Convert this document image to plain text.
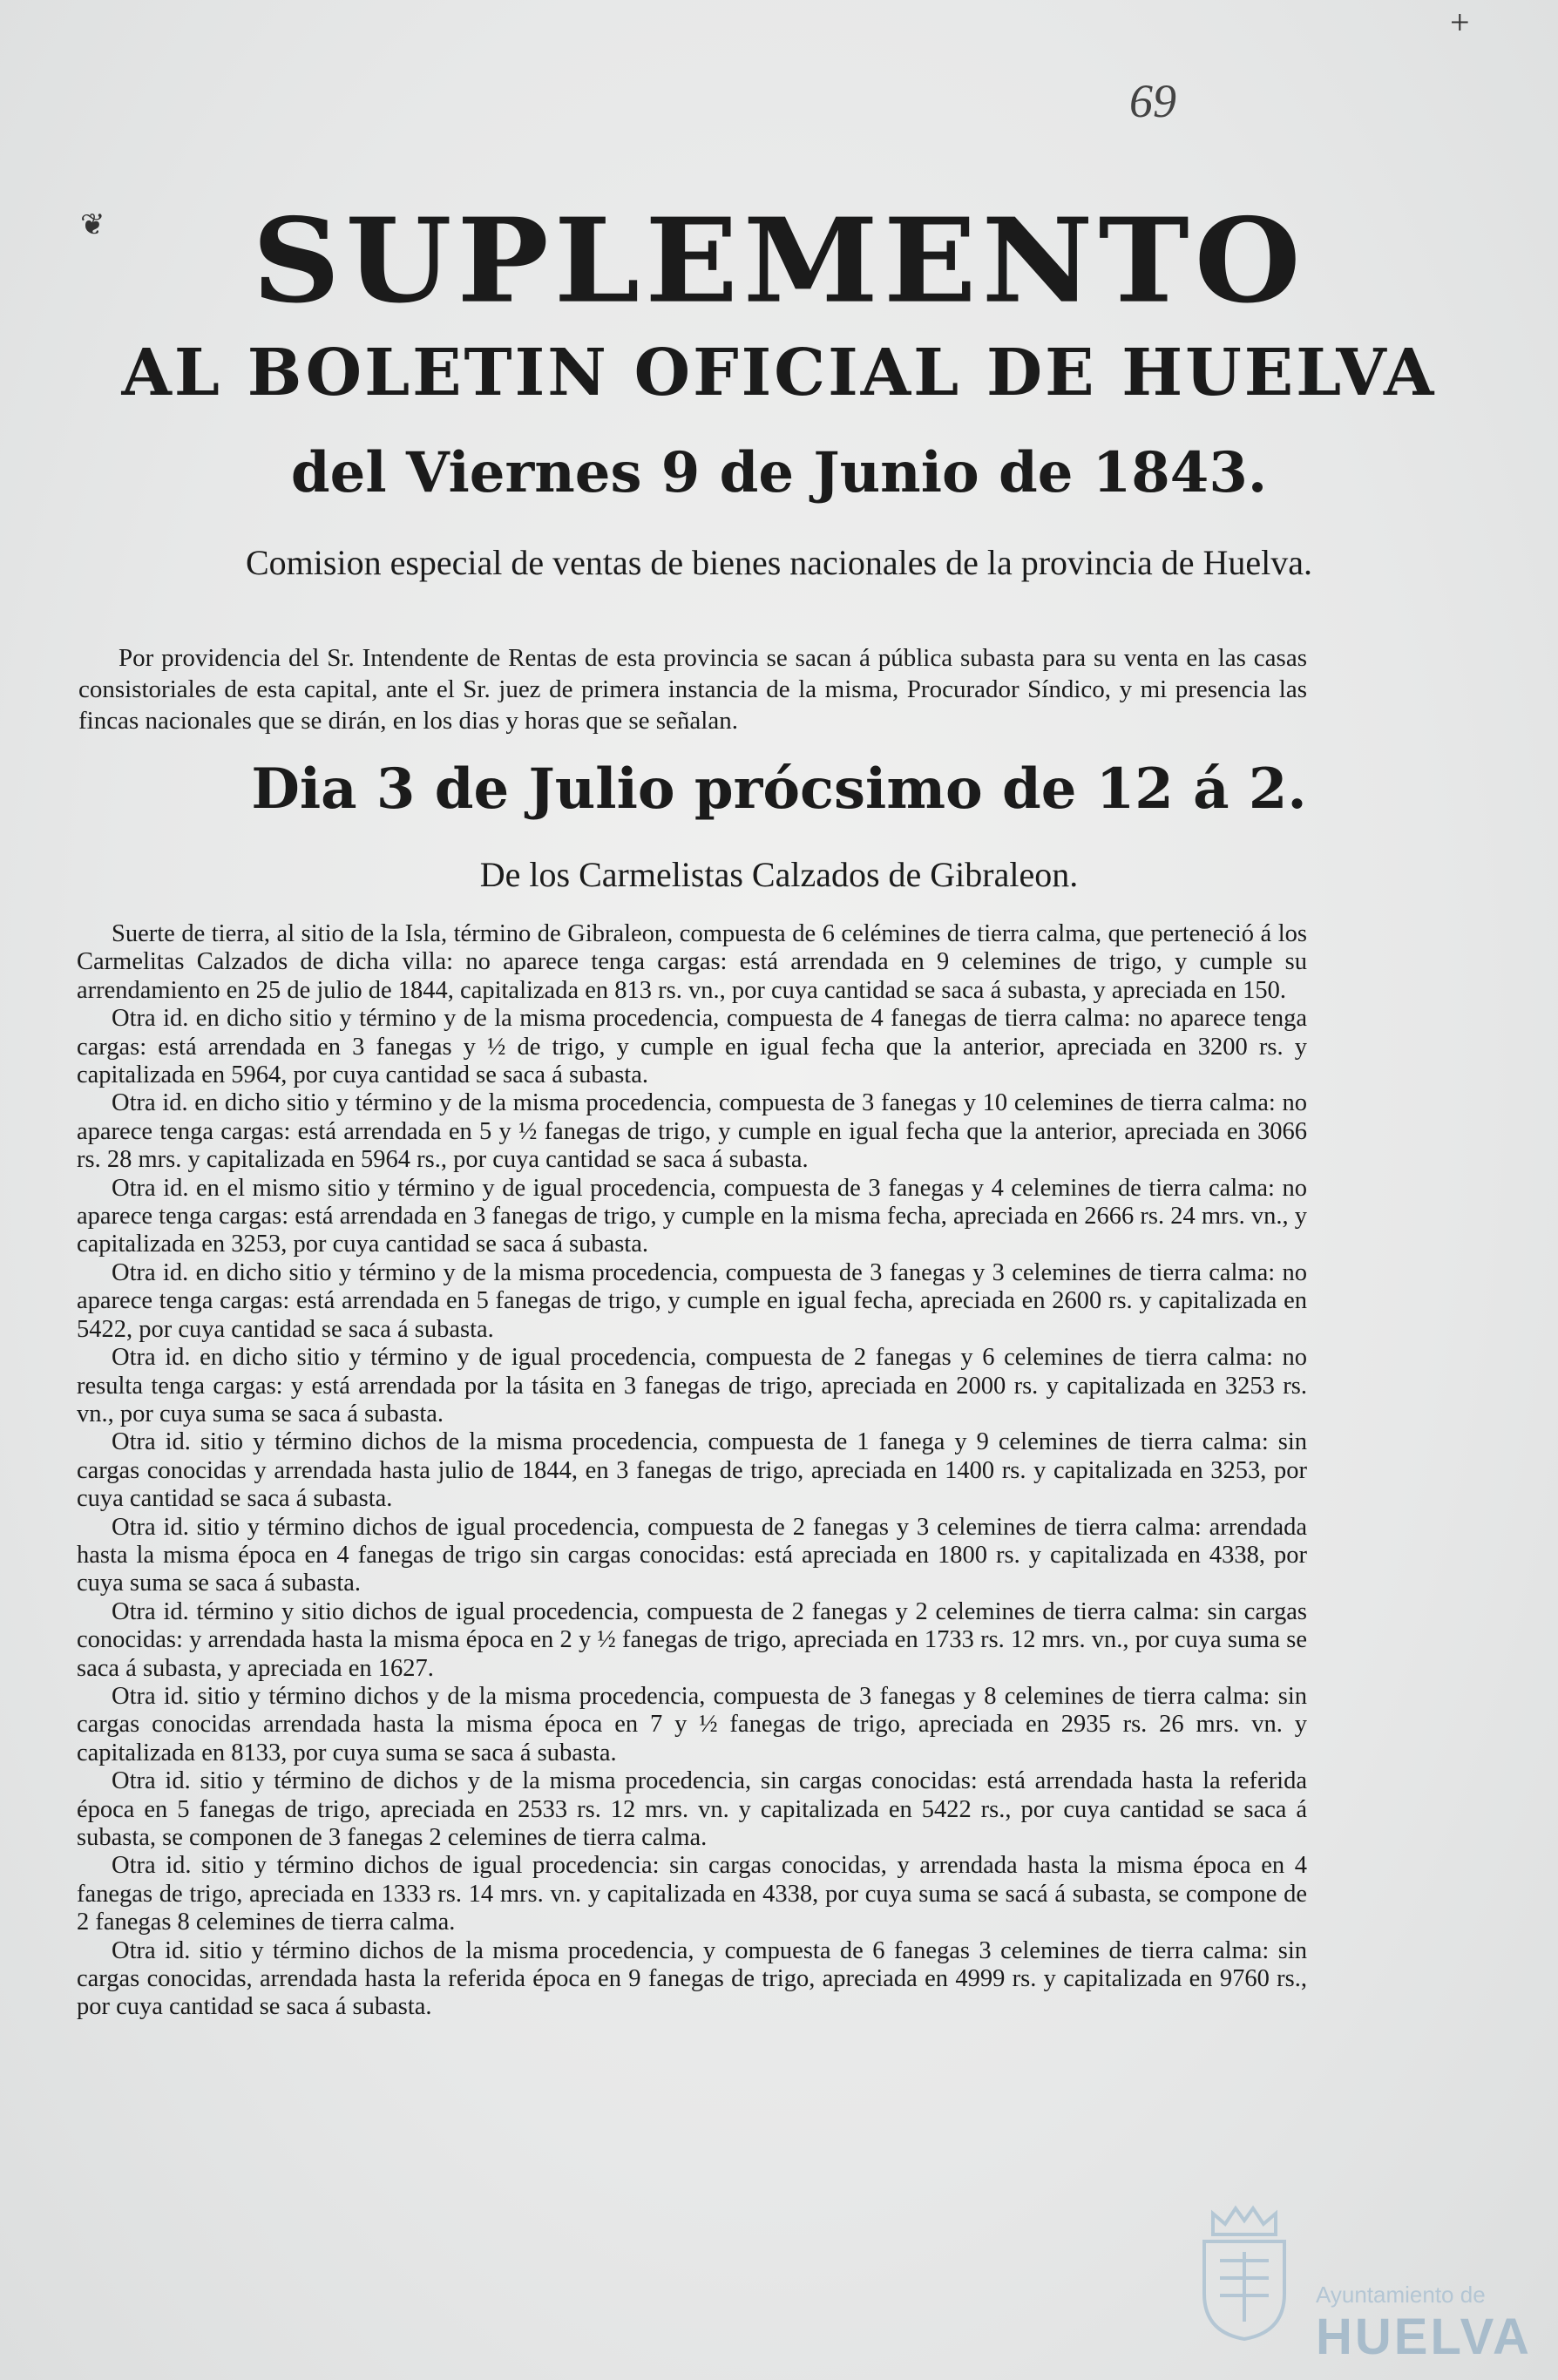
+
69
❦	SUPLEMENTO
AL BOLETIN OFICIAL DE HUELVA
del Viernes 9 de Junio de 1843.
Comision especial de ventas de bienes nacionales de la provincia de Huelva.

Por providencia del Sr. Intendente de Rentas de esta provincia se sacan á pública subasta para su venta en las casas consistoriales de esta capital, ante el Sr. juez de primera instancia de la misma, Procurador Síndico, y mi presencia las fincas nacionales que se dirán, en los dias y horas que se señalan.

Dia 3 de Julio prócsimo de 12 á 2.
De los Carmelistas Calzados de Gibraleon.

Suerte de tierra, al sitio de la Isla, término de Gibraleon, compuesta de 6 celémines de tierra calma, que perteneció á los Carmelitas Calzados de dicha villa: no aparece tenga cargas: está arrendada en 9 celemines de trigo, y cumple su arrendamiento en 25 de julio de 1844, capitalizada en 813 rs. vn., por cuya cantidad se saca á subasta, y apreciada en 150.

Otra id. en dicho sitio y término y de la misma procedencia, compuesta de 4 fanegas de tierra calma: no aparece tenga cargas: está arrendada en 3 fanegas y ½ de trigo, y cumple en igual fecha que la anterior, apreciada en 3200 rs. y capitalizada en 5964, por cuya cantidad se saca á subasta.

Otra id. en dicho sitio y término y de la misma procedencia, compuesta de 3 fanegas y 10 celemines de tierra calma: no aparece tenga cargas: está arrendada en 5 y ½ fanegas de trigo, y cumple en igual fecha que la anterior, apreciada en 3066 rs. 28 mrs. y capitalizada en 5964 rs., por cuya cantidad se saca á subasta.

Otra id. en el mismo sitio y término y de igual procedencia, compuesta de 3 fanegas y 4 celemines de tierra calma: no aparece tenga cargas: está arrendada en 3 fanegas de trigo, y cumple en la misma fecha, apreciada en 2666 rs. 24 mrs. vn., y capitalizada en 3253, por cuya cantidad se saca á subasta.

Otra id. en dicho sitio y término y de la misma procedencia, compuesta de 3 fanegas y 3 celemines de tierra calma: no aparece tenga cargas: está arrendada en 5 fanegas de trigo, y cumple en igual fecha, apreciada en 2600 rs. y capitalizada en 5422, por cuya cantidad se saca á subasta.

Otra id. en dicho sitio y término y de igual procedencia, compuesta de 2 fanegas y 6 celemines de tierra calma: no resulta tenga cargas: y está arrendada por la tásita en 3 fanegas de trigo, apreciada en 2000 rs. y capitalizada en 3253 rs. vn., por cuya suma se saca á subasta.

Otra id. sitio y término dichos de la misma procedencia, compuesta de 1 fanega y 9 celemines de tierra calma: sin cargas conocidas y arrendada hasta julio de 1844, en 3 fanegas de trigo, apreciada en 1400 rs. y capitalizada en 3253, por cuya cantidad se saca á subasta.

Otra id. sitio y término dichos de igual procedencia, compuesta de 2 fanegas y 3 celemines de tierra calma: arrendada hasta la misma época en 4 fanegas de trigo sin cargas conocidas: está apreciada en 1800 rs. y capitalizada en 4338, por cuya suma se saca á subasta.

Otra id. término y sitio dichos de igual procedencia, compuesta de 2 fanegas y 2 celemines de tierra calma: sin cargas conocidas: y arrendada hasta la misma época en 2 y ½ fanegas de trigo, apreciada en 1733 rs. 12 mrs. vn., por cuya suma se saca á subasta, y apreciada en 1627.

Otra id. sitio y término dichos y de la misma procedencia, compuesta de 3 fanegas y 8 celemines de tierra calma: sin cargas conocidas arrendada hasta la misma época en 7 y ½ fanegas de trigo, apreciada en 2935 rs. 26 mrs. vn. y capitalizada en 8133, por cuya suma se saca á subasta.

Otra id. sitio y término de dichos y de la misma procedencia, sin cargas conocidas: está arrendada hasta la referida época en 5 fanegas de trigo, apreciada en 2533 rs. 12 mrs. vn. y capitalizada en 5422 rs., por cuya cantidad se saca á subasta, se componen de 3 fanegas 2 celemines de tierra calma.

Otra id. sitio y término dichos de igual procedencia: sin cargas conocidas, y arrendada hasta la misma época en 4 fanegas de trigo, apreciada en 1333 rs. 14 mrs. vn. y capitalizada en 4338, por cuya suma se sacá á subasta, se compone de 2 fanegas 8 celemines de tierra calma.

Otra id. sitio y término dichos de la misma procedencia, y compuesta de 6 fanegas 3 celemines de tierra calma: sin cargas conocidas, arrendada hasta la referida época en 9 fanegas de trigo, apreciada en 4999 rs. y capitalizada en 9760 rs., por cuya cantidad se saca á subasta.

Ayuntamiento de
HUELVA
